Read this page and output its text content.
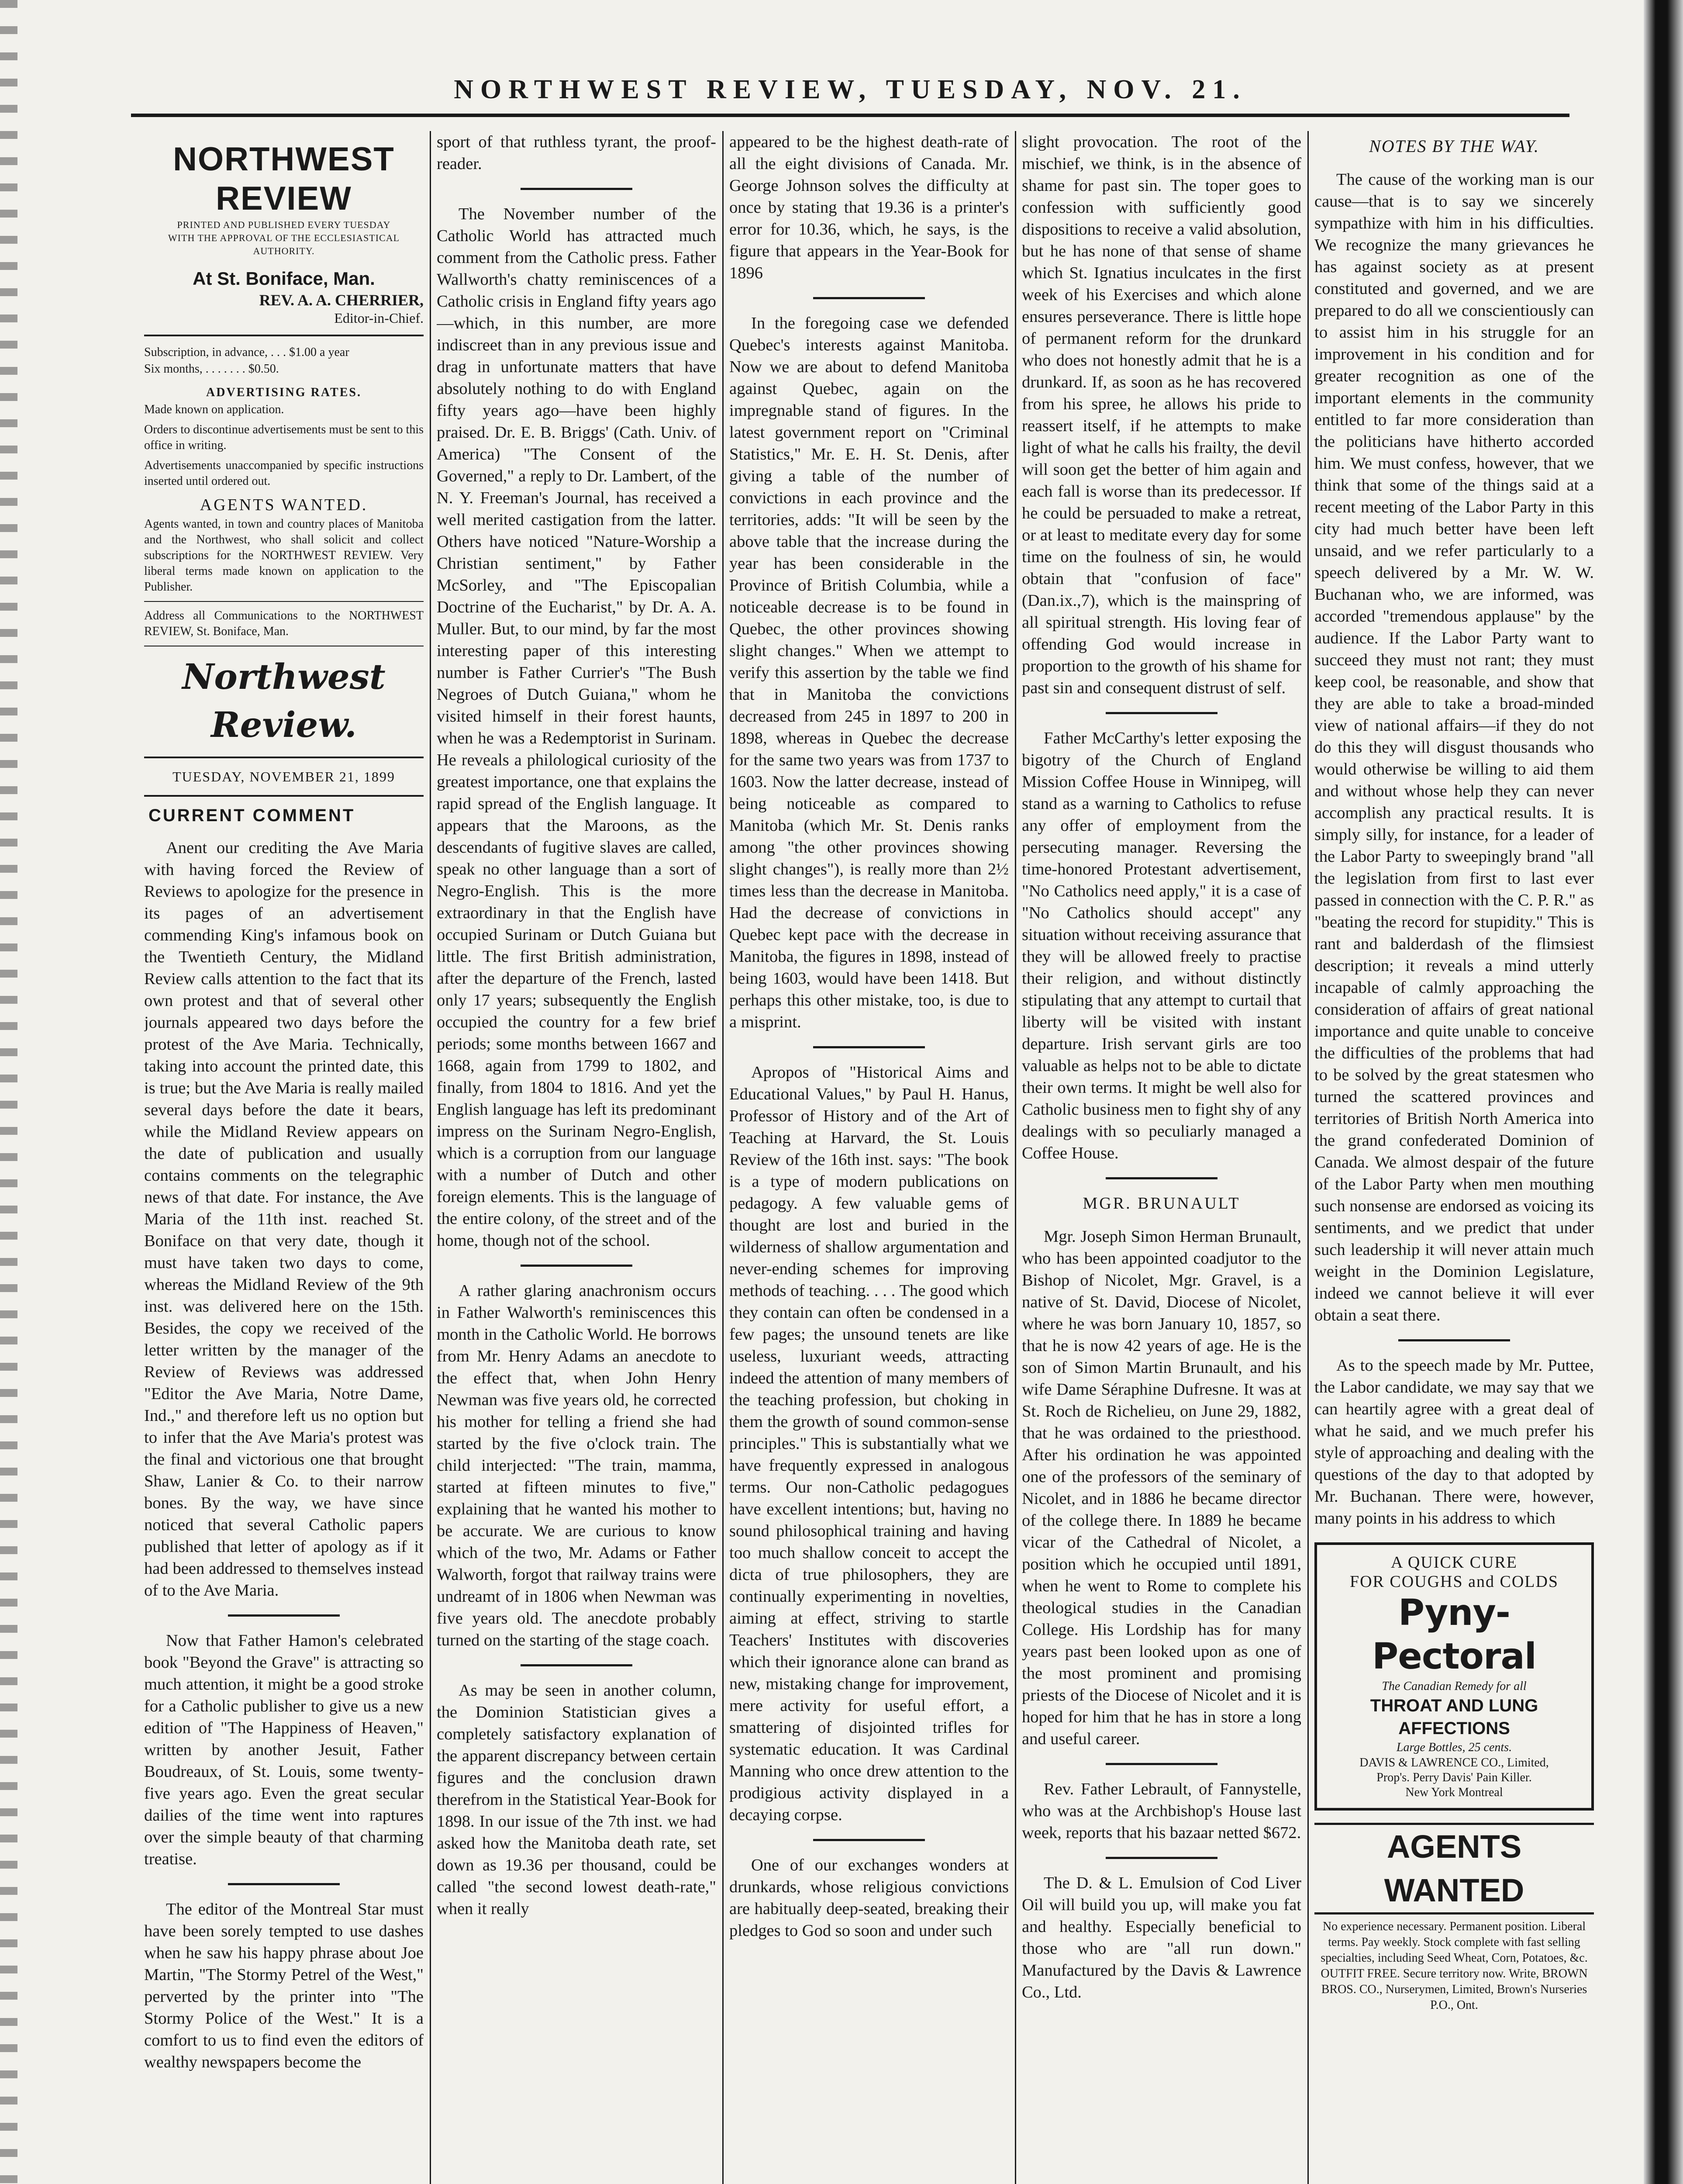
NORTHWEST REVIEW, TUESDAY, NOV. 21.
NORTHWEST REVIEW
PRINTED AND PUBLISHED EVERY TUESDAY
WITH THE APPROVAL OF THE ECCLESIASTICAL AUTHORITY.
At St. Boniface, Man.
REV. A. A. CHERRIER,
Editor-in-Chief.
Subscription, in advance, . . . $1.00 a year
Six months, . . . . . . . $0.50.
ADVERTISING RATES.
Made known on application.
Orders to discontinue advertisements must be sent to this office in writing.
Advertisements unaccompanied by specific instructions inserted until ordered out.
AGENTS WANTED.
Agents wanted, in town and country places of Manitoba and the Northwest, who shall solicit and collect subscriptions for the NORTHWEST REVIEW. Very liberal terms made known on application to the Publisher.
Address all Communications to the NORTHWEST REVIEW, St. Boniface, Man.
Northwest Review.
TUESDAY, NOVEMBER 21, 1899
CURRENT COMMENT

Anent our crediting the Ave Maria with having forced the Review of Reviews to apologize for the presence in its pages of an advertisement commending King's infamous book on the Twentieth Century, the Midland Review calls attention to the fact that its own protest and that of several other journals appeared two days before the protest of the Ave Maria. Technically, taking into account the printed date, this is true; but the Ave Maria is really mailed several days before the date it bears, while the Midland Review appears on the date of publication and usually contains comments on the telegraphic news of that date. For instance, the Ave Maria of the 11th inst. reached St. Boniface on that very date, though it must have taken two days to come, whereas the Midland Review of the 9th inst. was delivered here on the 15th. Besides, the copy we received of the letter written by the manager of the Review of Reviews was addressed "Editor the Ave Maria, Notre Dame, Ind.," and therefore left us no option but to infer that the Ave Maria's protest was the final and victorious one that brought Shaw, Lanier & Co. to their narrow bones. By the way, we have since noticed that several Catholic papers published that letter of apology as if it had been addressed to themselves instead of to the Ave Maria.

Now that Father Hamon's celebrated book "Beyond the Grave" is attracting so much attention, it might be a good stroke for a Catholic publisher to give us a new edition of "The Happiness of Heaven," written by another Jesuit, Father Boudreaux, of St. Louis, some twenty-five years ago. Even the great secular dailies of the time went into raptures over the simple beauty of that charming treatise.

The editor of the Montreal Star must have been sorely tempted to use dashes when he saw his happy phrase about Joe Martin, "The Stormy Petrel of the West," perverted by the printer into "The Stormy Police of the West." It is a comfort to us to find even the editors of wealthy newspapers become the

sport of that ruthless tyrant, the proof-reader.

The November number of the Catholic World has attracted much comment from the Catholic press. Father Wallworth's chatty reminiscences of a Catholic crisis in England fifty years ago—which, in this number, are more indiscreet than in any previous issue and drag in unfortunate matters that have absolutely nothing to do with England fifty years ago—have been highly praised. Dr. E. B. Briggs' (Cath. Univ. of America) "The Consent of the Governed," a reply to Dr. Lambert, of the N. Y. Freeman's Journal, has received a well merited castigation from the latter. Others have noticed "Nature-Worship a Christian sentiment," by Father McSorley, and "The Episcopalian Doctrine of the Eucharist," by Dr. A. A. Muller. But, to our mind, by far the most interesting paper of this interesting number is Father Currier's "The Bush Negroes of Dutch Guiana," whom he visited himself in their forest haunts, when he was a Redemptorist in Surinam. He reveals a philological curiosity of the greatest importance, one that explains the rapid spread of the English language. It appears that the Maroons, as the descendants of fugitive slaves are called, speak no other language than a sort of Negro-English. This is the more extraordinary in that the English have occupied Surinam or Dutch Guiana but little. The first British administration, after the departure of the French, lasted only 17 years; subsequently the English occupied the country for a few brief periods; some months between 1667 and 1668, again from 1799 to 1802, and finally, from 1804 to 1816. And yet the English language has left its predominant impress on the Surinam Negro-English, which is a corruption from our language with a number of Dutch and other foreign elements. This is the language of the entire colony, of the street and of the home, though not of the school.

A rather glaring anachronism occurs in Father Walworth's reminiscences this month in the Catholic World. He borrows from Mr. Henry Adams an anecdote to the effect that, when John Henry Newman was five years old, he corrected his mother for telling a friend she had started by the five o'clock train. The child interjected: "The train, mamma, started at fifteen minutes to five," explaining that he wanted his mother to be accurate. We are curious to know which of the two, Mr. Adams or Father Walworth, forgot that railway trains were undreamt of in 1806 when Newman was five years old. The anecdote probably turned on the starting of the stage coach.

As may be seen in another column, the Dominion Statistician gives a completely satisfactory explanation of the apparent discrepancy between certain figures and the conclusion drawn therefrom in the Statistical Year-Book for 1898. In our issue of the 7th inst. we had asked how the Manitoba death rate, set down as 19.36 per thousand, could be called "the second lowest death-rate," when it really

appeared to be the highest death-rate of all the eight divisions of Canada. Mr. George Johnson solves the difficulty at once by stating that 19.36 is a printer's error for 10.36, which, he says, is the figure that appears in the Year-Book for 1896

In the foregoing case we defended Quebec's interests against Manitoba. Now we are about to defend Manitoba against Quebec, again on the impregnable stand of figures. In the latest government report on "Criminal Statistics," Mr. E. H. St. Denis, after giving a table of the number of convictions in each province and the territories, adds: "It will be seen by the above table that the increase during the year has been considerable in the Province of British Columbia, while a noticeable decrease is to be found in Quebec, the other provinces showing slight changes." When we attempt to verify this assertion by the table we find that in Manitoba the convictions decreased from 245 in 1897 to 200 in 1898, whereas in Quebec the decrease for the same two years was from 1737 to 1603. Now the latter decrease, instead of being noticeable as compared to Manitoba (which Mr. St. Denis ranks among "the other provinces showing slight changes"), is really more than 2½ times less than the decrease in Manitoba. Had the decrease of convictions in Quebec kept pace with the decrease in Manitoba, the figures in 1898, instead of being 1603, would have been 1418. But perhaps this other mistake, too, is due to a misprint.

Apropos of "Historical Aims and Educational Values," by Paul H. Hanus, Professor of History and of the Art of Teaching at Harvard, the St. Louis Review of the 16th inst. says: "The book is a type of modern publications on pedagogy. A few valuable gems of thought are lost and buried in the wilderness of shallow argumentation and never-ending schemes for improving methods of teaching. . . . The good which they contain can often be condensed in a few pages; the unsound tenets are like useless, luxuriant weeds, attracting indeed the attention of many members of the teaching profession, but choking in them the growth of sound common-sense principles." This is substantially what we have frequently expressed in analogous terms. Our non-Catholic pedagogues have excellent intentions; but, having no sound philosophical training and having too much shallow conceit to accept the dicta of true philosophers, they are continually experimenting in novelties, aiming at effect, striving to startle Teachers' Institutes with discoveries which their ignorance alone can brand as new, mistaking change for improvement, mere activity for useful effort, a smattering of disjointed trifles for systematic education. It was Cardinal Manning who once drew attention to the prodigious activity displayed in a decaying corpse.

One of our exchanges wonders at drunkards, whose religious convictions are habitually deep-seated, breaking their pledges to God so soon and under such

slight provocation. The root of the mischief, we think, is in the absence of shame for past sin. The toper goes to confession with sufficiently good dispositions to receive a valid absolution, but he has none of that sense of shame which St. Ignatius inculcates in the first week of his Exercises and which alone ensures perseverance. There is little hope of permanent reform for the drunkard who does not honestly admit that he is a drunkard. If, as soon as he has recovered from his spree, he allows his pride to reassert itself, if he attempts to make light of what he calls his frailty, the devil will soon get the better of him again and each fall is worse than its predecessor. If he could be persuaded to make a retreat, or at least to meditate every day for some time on the foulness of sin, he would obtain that "confusion of face" (Dan.ix.,7), which is the mainspring of all spiritual strength. His loving fear of offending God would increase in proportion to the growth of his shame for past sin and consequent distrust of self.

Father McCarthy's letter exposing the bigotry of the Church of England Mission Coffee House in Winnipeg, will stand as a warning to Catholics to refuse any offer of employment from the persecuting manager. Reversing the time-honored Protestant advertisement, "No Catholics need apply," it is a case of "No Catholics should accept" any situation without receiving assurance that they will be allowed freely to practise their religion, and without distinctly stipulating that any attempt to curtail that liberty will be visited with instant departure. Irish servant girls are too valuable as helps not to be able to dictate their own terms. It might be well also for Catholic business men to fight shy of any dealings with so peculiarly managed a Coffee House.

MGR. BRUNAULT

Mgr. Joseph Simon Herman Brunault, who has been appointed coadjutor to the Bishop of Nicolet, Mgr. Gravel, is a native of St. David, Diocese of Nicolet, where he was born January 10, 1857, so that he is now 42 years of age. He is the son of Simon Martin Brunault, and his wife Dame Séraphine Dufresne. It was at St. Roch de Richelieu, on June 29, 1882, that he was ordained to the priesthood. After his ordination he was appointed one of the professors of the seminary of Nicolet, and in 1886 he became director of the college there. In 1889 he became vicar of the Cathedral of Nicolet, a position which he occupied until 1891, when he went to Rome to complete his theological studies in the Canadian College. His Lordship has for many years past been looked upon as one of the most prominent and promising priests of the Diocese of Nicolet and it is hoped for him that he has in store a long and useful career.

Rev. Father Lebrault, of Fannystelle, who was at the Archbishop's House last week, reports that his bazaar netted $672.

The D. & L. Emulsion of Cod Liver Oil will build you up, will make you fat and healthy. Especially beneficial to those who are "all run down." Manufactured by the Davis & Lawrence Co., Ltd.

NOTES BY THE WAY.

The cause of the working man is our cause—that is to say we sincerely sympathize with him in his difficulties. We recognize the many grievances he has against society as at present constituted and governed, and we are prepared to do all we conscientiously can to assist him in his struggle for an improvement in his condition and for greater recognition as one of the important elements in the community entitled to far more consideration than the politicians have hitherto accorded him. We must confess, however, that we think that some of the things said at a recent meeting of the Labor Party in this city had much better have been left unsaid, and we refer particularly to a speech delivered by a Mr. W. W. Buchanan who, we are informed, was accorded "tremendous applause" by the audience. If the Labor Party want to succeed they must not rant; they must keep cool, be reasonable, and show that they are able to take a broad-minded view of national affairs—if they do not do this they will disgust thousands who would otherwise be willing to aid them and without whose help they can never accomplish any practical results. It is simply silly, for instance, for a leader of the Labor Party to sweepingly brand "all the legislation from first to last ever passed in connection with the C. P. R." as "beating the record for stupidity." This is rant and balderdash of the flimsiest description; it reveals a mind utterly incapable of calmly approaching the consideration of affairs of great national importance and quite unable to conceive the difficulties of the problems that had to be solved by the great statesmen who turned the scattered provinces and territories of British North America into the grand confederated Dominion of Canada. We almost despair of the future of the Labor Party when men mouthing such nonsense are endorsed as voicing its sentiments, and we predict that under such leadership it will never attain much weight in the Dominion Legislature, indeed we cannot believe it will ever obtain a seat there.

As to the speech made by Mr. Puttee, the Labor candidate, we may say that we can heartily agree with a great deal of what he said, and we much prefer his style of approaching and dealing with the questions of the day to that adopted by Mr. Buchanan. There were, however, many points in his address to which

A QUICK CURE
FOR COUGHS and COLDS
Pyny-Pectoral
The Canadian Remedy for all
THROAT AND LUNG AFFECTIONS
Large Bottles, 25 cents.
DAVIS & LAWRENCE CO., Limited,
Prop's. Perry Davis' Pain Killer.
New York Montreal
AGENTS WANTED
No experience necessary. Permanent position. Liberal terms. Pay weekly. Stock complete with fast selling specialties, including Seed Wheat, Corn, Potatoes, &c. OUTFIT FREE. Secure territory now. Write, BROWN BROS. CO., Nurserymen, Limited, Brown's Nurseries P.O., Ont.
